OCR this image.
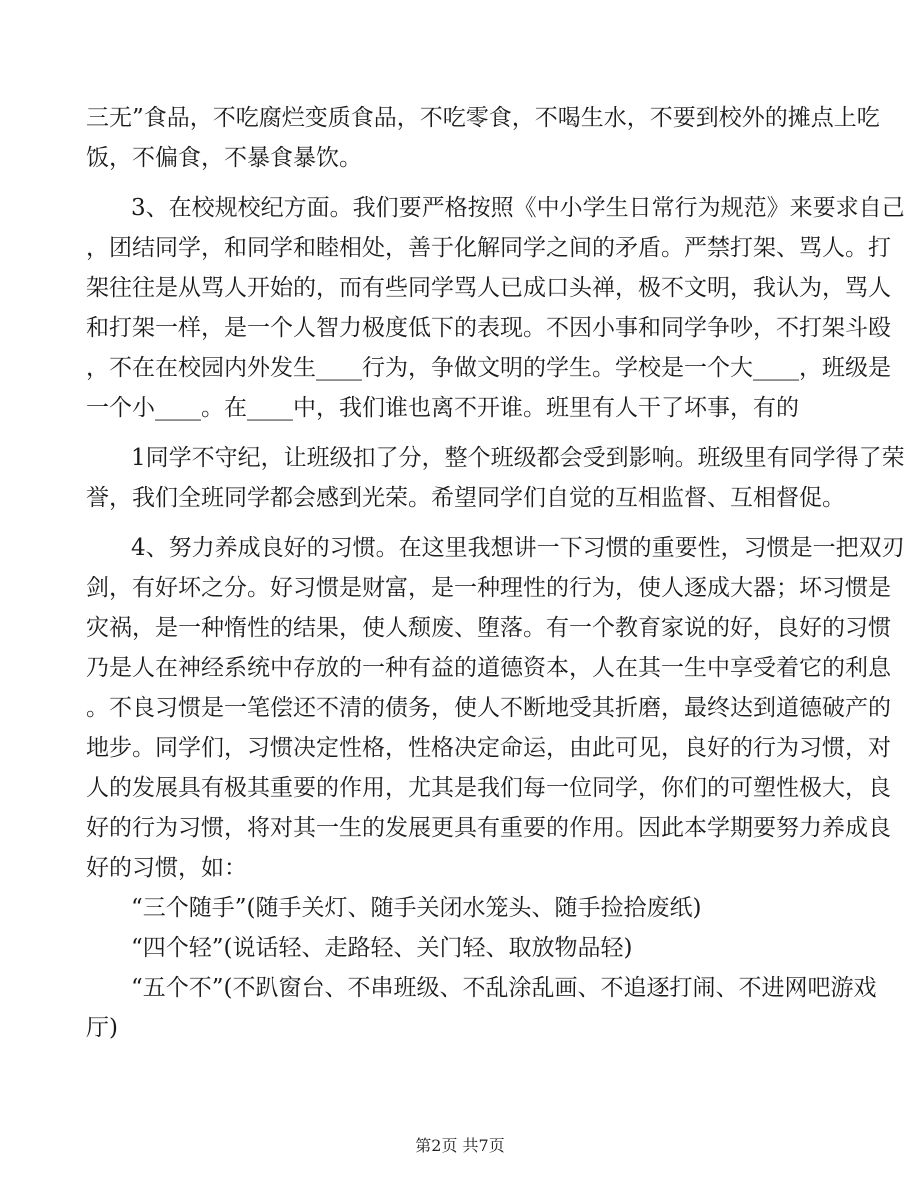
三 无 ” 食 品 ， 不 吃 腐 烂 变 质 食 品 ， 不 吃 零 食 ， 不 喝 生 水 ， 不 要 到 校 外 的 摊 点 上 吃
饭，不偏食，不暴食暴饮。
3 、 在 校 规 校 纪 方 面 。 我 们 要 严 格 按 照 《 中 小 学 生 日 常 行 为 规 范 》 来 要 求 自 己
， 团 结 同 学 ， 和 同 学 和 睦 相 处 ， 善 于 化 解 同 学 之 间 的 矛 盾 。 严 禁 打 架 、 骂 人 。 打
架 往 往 是 从 骂 人 开 始 的 ， 而 有 些 同 学 骂 人 已 成 口 头 禅 ， 极 不 文 明 ， 我 认 为 ， 骂 人
和 打 架 一 样 ， 是 一 个 人 智 力 极 度 低 下 的 表 现 。 不 因 小 事 和 同 学 争 吵 ， 不 打 架 斗 殴
， 不 在 在 校 园 内 外 发 生 _ _ _ _ 行 为 ， 争 做 文 明 的 学 生 。 学 校 是 一 个 大 _ _ _ _ ， 班 级 是
一个小____。在____中，我们谁也离不开谁。班里有人干了坏事，有的
1 同 学 不 守 纪 ， 让 班 级 扣 了 分 ， 整 个 班 级 都 会 受 到 影 响 。 班 级 里 有 同 学 得 了 荣
誉，我们全班同学都会感到光荣。希望同学们自觉的互相监督、互相督促。
4 、 努 力 养 成 良 好 的 习 惯 。 在 这 里 我 想 讲 一 下 习 惯 的 重 要 性 ， 习 惯 是 一 把 双 刃
剑 ， 有 好 坏 之 分 。 好 习 惯 是 财 富 ， 是 一 种 理 性 的 行 为 ， 使 人 逐 成 大 器 ； 坏 习 惯 是
灾 祸 ， 是 一 种 惰 性 的 结 果 ， 使 人 颓 废 、 堕 落 。 有 一 个 教 育 家 说 的 好 ， 良 好 的 习 惯
乃 是 人 在 神 经 系 统 中 存 放 的 一 种 有 益 的 道 德 资 本 ， 人 在 其 一 生 中 享 受 着 它 的 利 息
。 不 良 习 惯 是 一 笔 偿 还 不 清 的 债 务 ， 使 人 不 断 地 受 其 折 磨 ， 最 终 达 到 道 德 破 产 的
地 步 。 同 学 们 ， 习 惯 决 定 性 格 ， 性 格 决 定 命 运 ， 由 此 可 见 ， 良 好 的 行 为 习 惯 ， 对
人 的 发 展 具 有 极 其 重 要 的 作 用 ， 尤 其 是 我 们 每 一 位 同 学 ， 你 们 的 可 塑 性 极 大 ， 良
好 的 行 为 习 惯 ， 将 对 其 一 生 的 发 展 更 具 有 重 要 的 作 用 。 因 此 本 学 期 要 努 力 养 成 良
好的习惯，如：
“三个随手”(随手关灯、随手关闭水笼头、随手捡拾废纸)
“四个轻”(说话轻、走路轻、关门轻、取放物品轻)
“ 五 个 不 ” ( 不 趴 窗 台 、 不 串 班 级 、 不 乱 涂 乱 画 、 不 追 逐 打 闹 、 不 进 网 吧 游 戏
厅)
第2页 共7页
